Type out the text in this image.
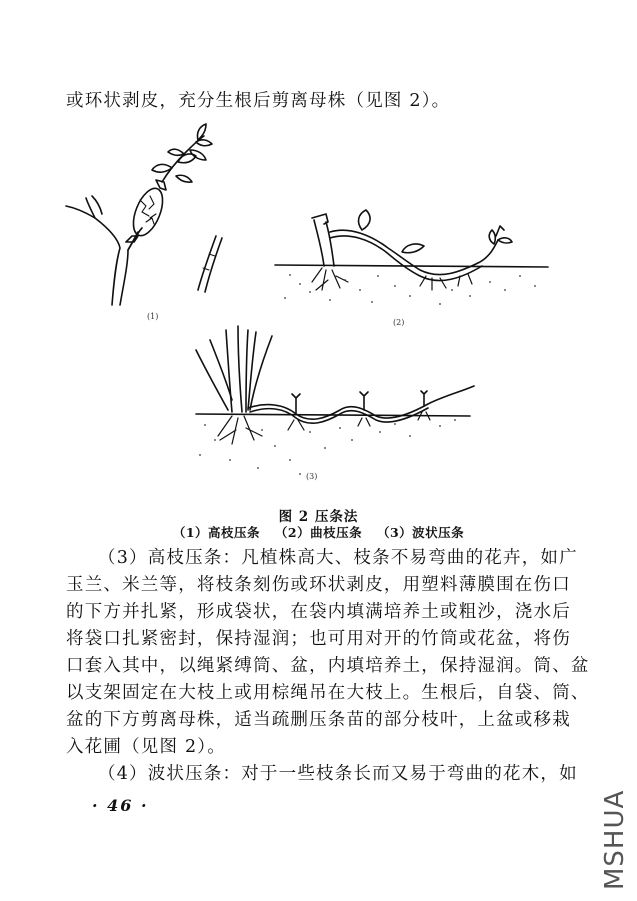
或环状剥皮，充分生根后剪离母株（见图 2）。
(1)
(2)
(3)
图 2 压条法
（1）高枝压条 （2）曲枝压条 （3）波状压条
（3）高枝压条：凡植株高大、枝条不易弯曲的花卉，如广
玉兰、米兰等，将枝条刻伤或环状剥皮，用塑料薄膜围在伤口
的下方并扎紧，形成袋状，在袋内填满培养土或粗沙，浇水后
将袋口扎紧密封，保持湿润；也可用对开的竹筒或花盆，将伤
口套入其中，以绳紧缚筒、盆，内填培养土，保持湿润。筒、盆
以支架固定在大枝上或用棕绳吊在大枝上。生根后，自袋、筒、
盆的下方剪离母株，适当疏删压条苗的部分枝叶，上盆或移栽
入花圃（见图 2）。
（4）波状压条：对于一些枝条长而又易于弯曲的花木，如
· 46 ·	MSHUA
